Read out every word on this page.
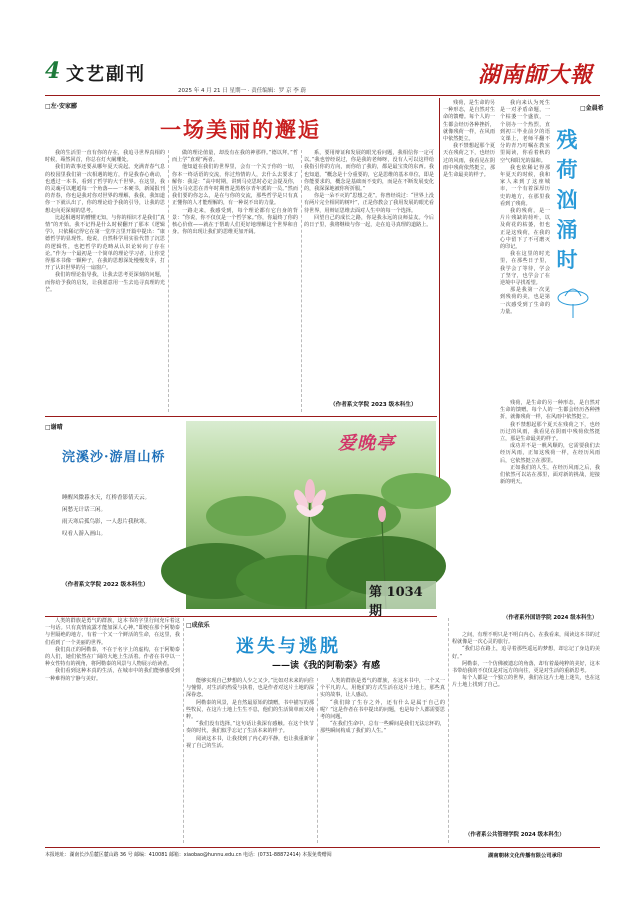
4 文艺副刊
2025 年 4 月 21 日 星期一 · 责任编辑：罗 京 李 蔚
湖南師大報
□左·安家郦
一场美丽的邂逅

我的生活里一直有你的存在，我追寻世界真相的时候，蓦然回首，你总在灯火阑珊处。

我们的故事还要从哪年夏天说起。充满青春气息的校园里我们第一次相遇的地方，作是我春心萌动，也透过一本书，看到了哲学的大千世界。在这里，我的灵魂可以邂逅每一个角落——一本硬书，新闻报刊的青春，你也是我对你对世界的理解，我我，我知道你一下就认出了，你的理论给予我的引导，让我的思想走向更深刻的思考。

比起相遇时的懵懂无知，与你的相识才是我们“真情”的开始。我不记得是什么时候翻开了那本《逻辑学》，只依稀记得它在第一堂序言里开篇中提出：“康德哲学的显现性。他说，自然科学用实验代替了沉思的逻辑性，也把哲学的范畴从认识论转向了存在论。”作为一个最初是一个简单的理论学习者，让你觉得那本书像一颗种子，在我的思想深处慢慢发芽，打开了认识世界的另一扇窗户。

我们的理论指导我，让我去思考更深刻的问题，而你给予我的启发，让我愿意用一生去追寻真理的光芒。

做的理论值量，却没有在我的神那样。”德以拜。”哲而上学“直观”两者。

他知道在我们的世界里，会有一个关于你的一切，你本一终话语的交流，你过热情的人，去什么去要求了解你：我是：“高中时期，讲到马克思时必定会提及你，因为马克思在青年时期曾是黑格尔青年派的一员。”然而我们要的你怎么，是在与你的交流，那些哲学是只有真正懂你的人才能理解的，有一种说不出的力量。

一路走来，我感受到，每个理论都有它自身的背景：“你说，你不仅仅是一个哲学家。”你，你最终了你的核心价值——就在于帮助人们更好地理解这个世界和自身。你的出现让我们的思维更加开阔。

系，要用辩证和发展的眼光看问题，我相信你一定可以。”我也曾经说过，你是我的老师呀，没有人可以这样给我指引你的方向，而你给了我的，都是最宝贵的东西。我也知道，“概念是十分重要的，它是思维的基本单位，即是你能要求的，概念是基础而不变的，而是在不断发展变化的，我深深地被你所折服。”

你是一朵不灭的“思想之花”。你曾经说过：“世界上没有两片完全相同的树叶”，正是你教会了我用发展的眼光看待世界，用辩证思维去面对人生中的每一个选择。

回望自己的成长之路，你是我永远的良师益友。今后的日子里，我将继续与你一起，走在追寻真理的道路上。

（作者系文学院 2023 级本科生）
□谢晴
浣溪沙·游眉山桥
睡醒风微暮水天，红桥香影倩天云。
闲愁无计话三闲。
雨天寒后孤鸟影，一人患片我秋寒。
叹看人游入画山。
（作者系文学院 2022 级本科生）
爱晚亭
第 1034 期
□金晨希
残
荷
汹
涌
时

我向来认为死生是一对矛盾命题，一个枯萎一个盛放，一个别办一个热烈，直到初三毕业前夕的语文课上，老师平翻不分的青乃叮嘱在教室里阅读，你看着秋的空气和阳光的温和。

我也依稀记得那年夏天的时候，我和家人来到了这座城市，一个有着深厚历史的地方，在那里我看到了残荷。

我的残荷，是一片片残缺的荷叶，以及荷花的枯萎，但也正是这残荷，在我的心中留下了不可磨灭的印记。

我在这里的时光里，在那些日子里，我学会了等待，学会了坚守，也学会了在逆境中寻找希望。

那是我第一次见到残荷的美，也是第一次感受到了生命的力量。

残荷，是生命的另一种形态，是自然对生命的馈赠。每个人的一生都会经历各种挫折，就像残荷一样，在风雨中依然挺立。

我不禁想起那个夏天在残荷之下，也经历过的风雨，我看见在阴雨中残荷依然挺立，那是生命最美的样子。

成功并不是一帆风顺的，它需要我们去经历风雨，正如这残荷一样，在经历风雨后，它依然挺立在那里。

正如我们的人生，在经历风雨之后，我们依然可以站在那里，面对新的挑战，迎接新的明天。

残荷，是生命的另一种形态，是自然对生命的馈赠。每个人的一生都会经历各种挫折，就像残荷一样，在风雨中依然挺立。

我不禁想起那个夏天在残荷之下，也经历过的风雨，我看见在阴雨中残荷依然挺立，那是生命最美的样子。

（作者系外国语学院 2024 级本科生）
□成依乐
迷失与逃脱
——读《我的阿勒泰》有感

人类的群族是勇气的群族，这本书的字里行间充斥着这一句话。只有真情流露才能加深人心神。”即便在那个阿勒泰与世隔绝的地方，有着一个又一个鲜活的生命，在这里，我们看到了一个美丽的世界。

我们真正的阿勒泰，不在于名字上的虚构，在于阿勒泰的人们，她们依然在广阔的大地上生活着。作者在书中以一种女性特有的视角，将阿勒泰的风景与人物展示给读者。

我们看到这种本真的生活，在城市中的我们能够感受到一种难得的宁静与美好。	能够实现自己梦想的人少之又少。”比如对未来的向往与憧憬，对生活的热爱与执着，也是作者对这片土地的深深眷恋。

阿勒泰的风景，是自然最原始的馈赠，书中描写的那些牧民，在这片土地上生生不息，他们的生活简单而又纯粹。

“我们没有选择，”这句话让我深有感触。在这个快节奏的时代，我们似乎忘记了生活本来的样子。

阅读这本书，让我找到了内心的平静，也让我重新审视了自己的生活。

人类的群族是勇气的群族，在这本书中，一个又一个平凡的人，用他们的方式生活在这片土地上，那些真实的故事，让人感动。

“我们除了生存之外，还有什么是属于自己的呢？”这是作者在书中提出的问题，也是每个人都需要思考的问题。

“在我们生命中，总有一些瞬间是我们无法忘怀的，那些瞬间构成了我们的人生。”

之间，有理不明只是不明白内心，在我看来，阅读这本书的过程就像是一次心灵的旅行。

“我们总在路上，追寻着那些遥远的梦想，却忘记了身边的美好。”

阿勒泰，一个仿佛被遗忘的角落，却有着最纯粹的美好，这本书带给我的不仅仅是对远方的向往，更是对生活的重新思考。

每个人都是一个独立的世界，我们在这片土地上迷失，也在这片土地上找到了自己。

（作者系公共管理学院 2024 级本科生）
本报地址：湖南长沙岳麓区麓山路 36 号 邮编：410081 邮箱：xiaobao@hunnu.edu.cn 电话：(0731-88872414) 本报免费赠阅	湖南朝林文化传播有限公司承印
